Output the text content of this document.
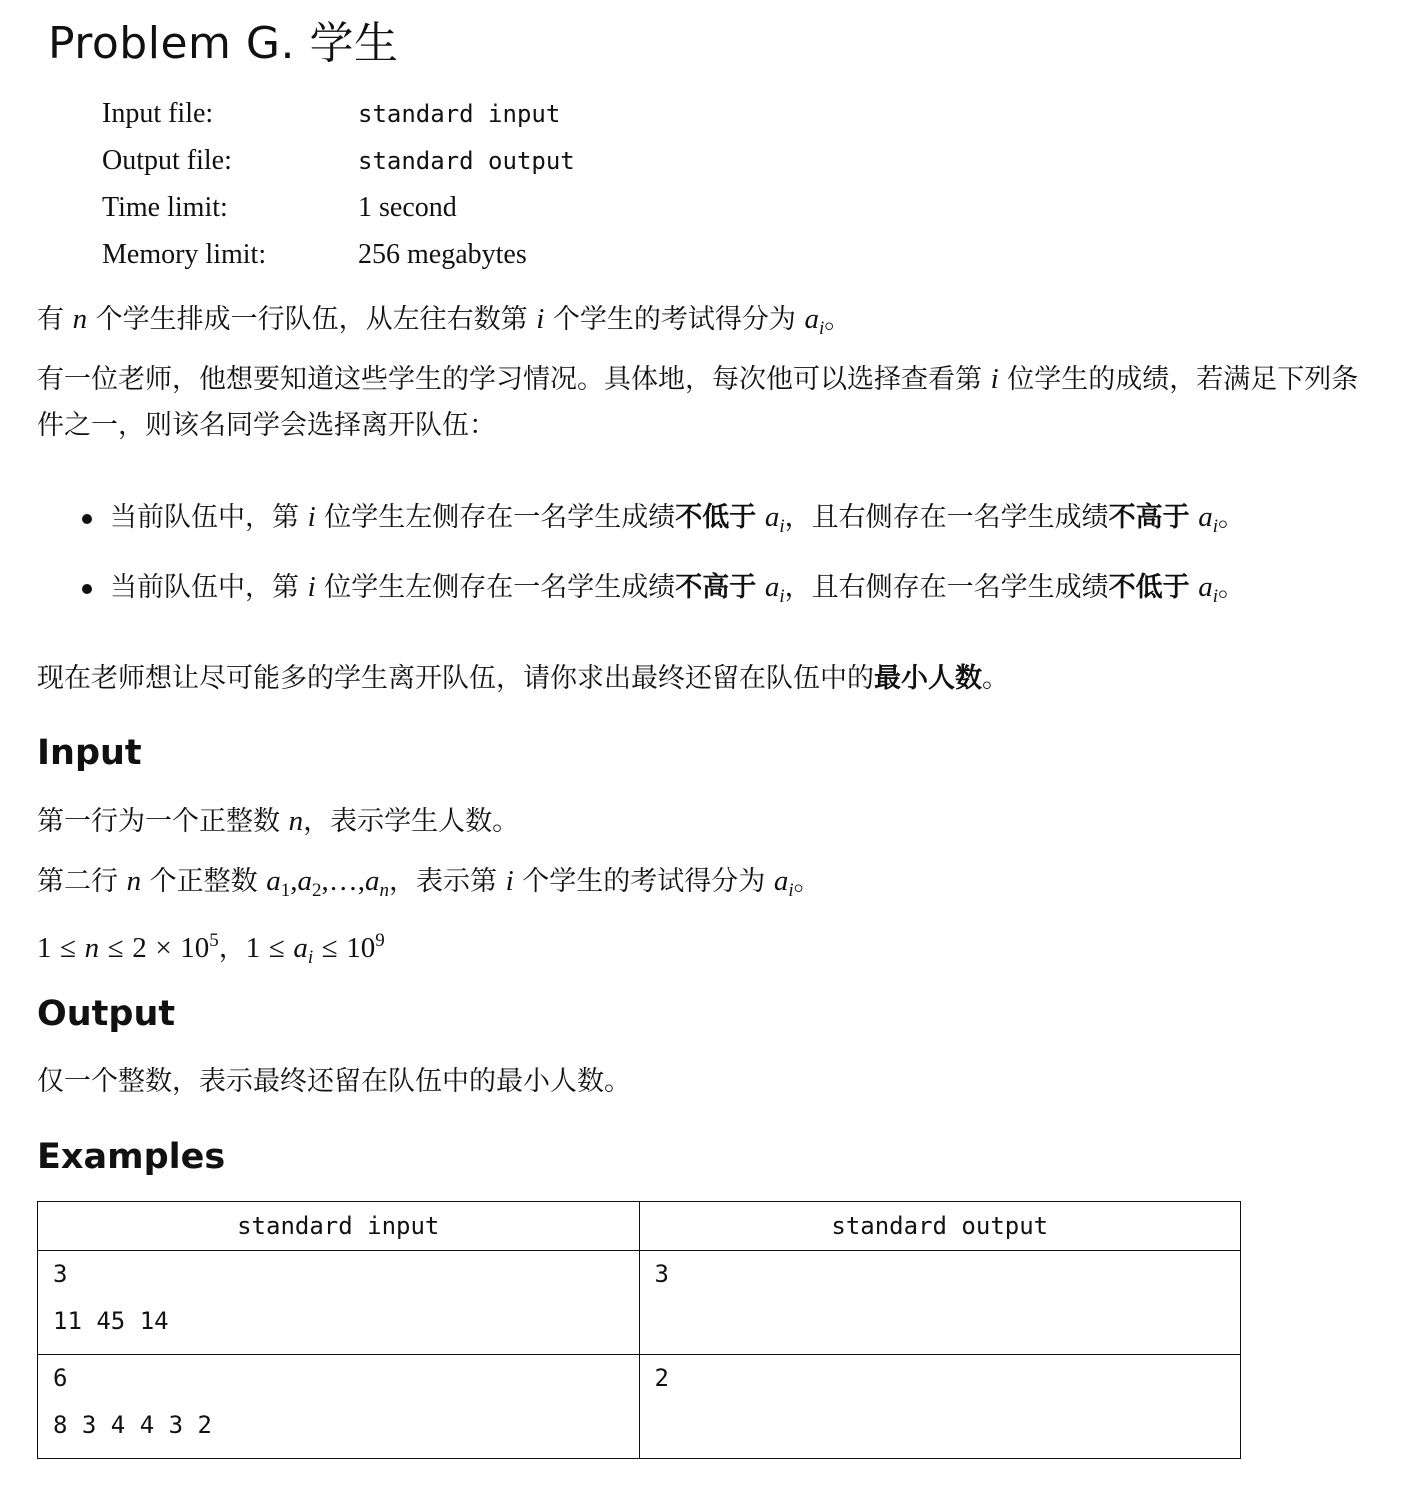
Problem G. 学生
Input file:	standard input
Output file:	standard output
Time limit:	1 second
Memory limit:	256 megabytes

有 n 个学生排成一行队伍，从左往右数第 i 个学生的考试得分为 $a_i$。

有一位老师，他想要知道这些学生的学习情况。具体地，每次他可以选择查看第 i 位学生的成绩，若满足下列条件之一，则该名同学会选择离开队伍：

当前队伍中，第 i 位学生左侧存在一名学生成绩不低于 $a_i$，且右侧存在一名学生成绩不高于 $a_i$。
当前队伍中，第 i 位学生左侧存在一名学生成绩不高于 $a_i$，且右侧存在一名学生成绩不低于 $a_i$。

现在老师想让尽可能多的学生离开队伍，请你求出最终还留在队伍中的最小人数。

Input

第一行为一个正整数 n，表示学生人数。

第二行 n 个正整数 $a_1,a_2,\dots,a_n$，表示第 i 个学生的考试得分为 $a_i$。

$1 \le n \le 2 \times 10^5$，$1 \le a_i \le 10^9$

Output

仅一个整数，表示最终还留在队伍中的最小人数。

Examples
standard input	standard output

3
11 45 14	3

6
8 3 4 4 3 2	2
